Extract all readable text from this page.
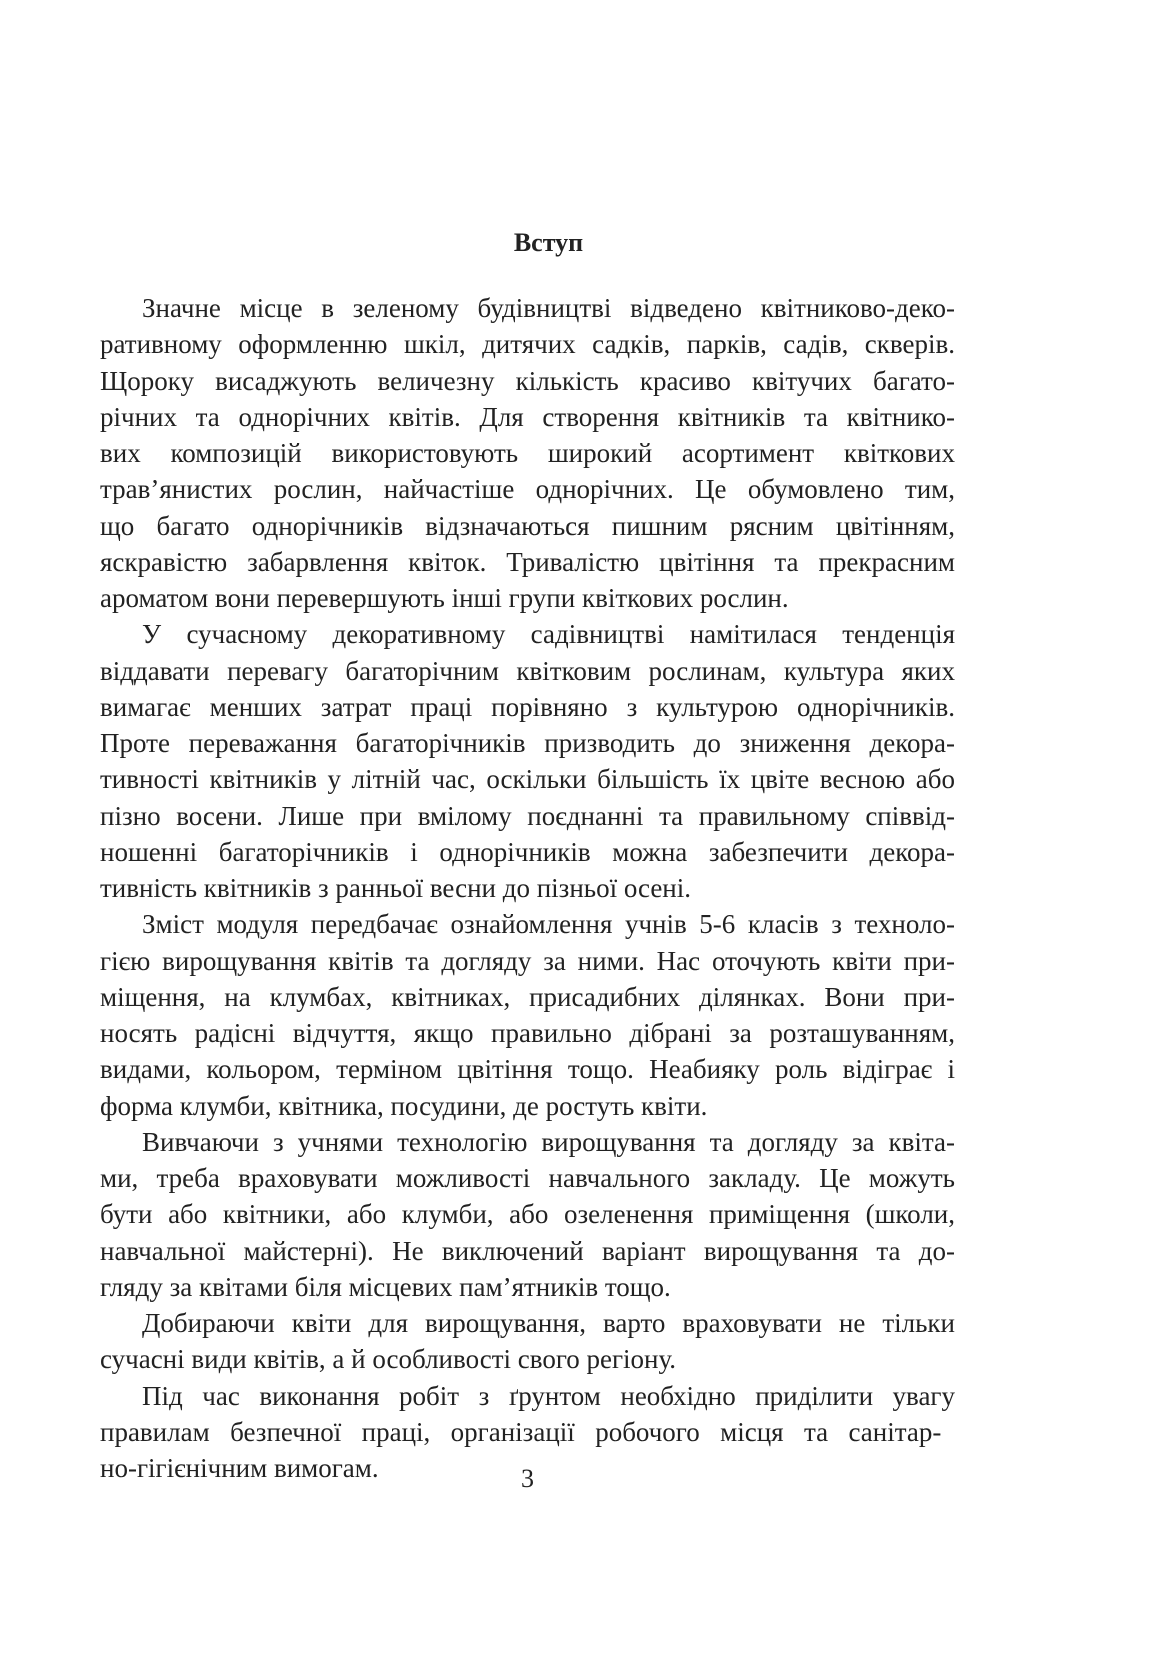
Вступ
Значне місце в зеленому будівництві відведено квітниково-деко-
ративному оформленню шкіл, дитячих садків, парків, садів, скверів.
Щороку висаджують величезну кількість красиво квітучих багато-
річних та однорічних квітів. Для створення квітників та квітнико-
вих композицій використовують широкий асортимент квіткових
трав’янистих рослин, найчастіше однорічних. Це обумовлено тим,
що багато однорічників відзначаються пишним рясним цвітінням,
яскравістю забарвлення квіток. Тривалістю цвітіння та прекрасним
ароматом вони перевершують інші групи квіткових рослин.
У сучасному декоративному садівництві намітилася тенденція
віддавати перевагу багаторічним квітковим рослинам, культура яких
вимагає менших затрат праці порівняно з культурою однорічників.
Проте переважання багаторічників призводить до зниження декора-
тивності квітників у літній час, оскільки більшість їх цвіте весною або
пізно восени. Лише при вмілому поєднанні та правильному співвід-
ношенні багаторічників і однорічників можна забезпечити декора-
тивність квітників з ранньої весни до пізньої осені.
Зміст модуля передбачає ознайомлення учнів 5-6 класів з техноло-
гією вирощування квітів та догляду за ними. Нас оточують квіти при-
міщення, на клумбах, квітниках, присадибних ділянках. Вони при-
носять радісні відчуття, якщо правильно дібрані за розташуванням,
видами, кольором, терміном цвітіння тощо. Неабияку роль відіграє і
форма клумби, квітника, посудини, де ростуть квіти.
Вивчаючи з учнями технологію вирощування та догляду за квіта-
ми, треба враховувати можливості навчального закладу. Це можуть
бути або квітники, або клумби, або озеленення приміщення (школи,
навчальної майстерні). Не виключений варіант вирощування та до-
гляду за квітами біля місцевих пам’ятників тощо.
Добираючи квіти для вирощування, варто враховувати не тільки
сучасні види квітів, а й особливості свого регіону.
Під час виконання робіт з ґрунтом необхідно приділити увагу
правилам безпечної праці, організації робочого місця та санітар-
но-гігієнічним вимогам.	3
